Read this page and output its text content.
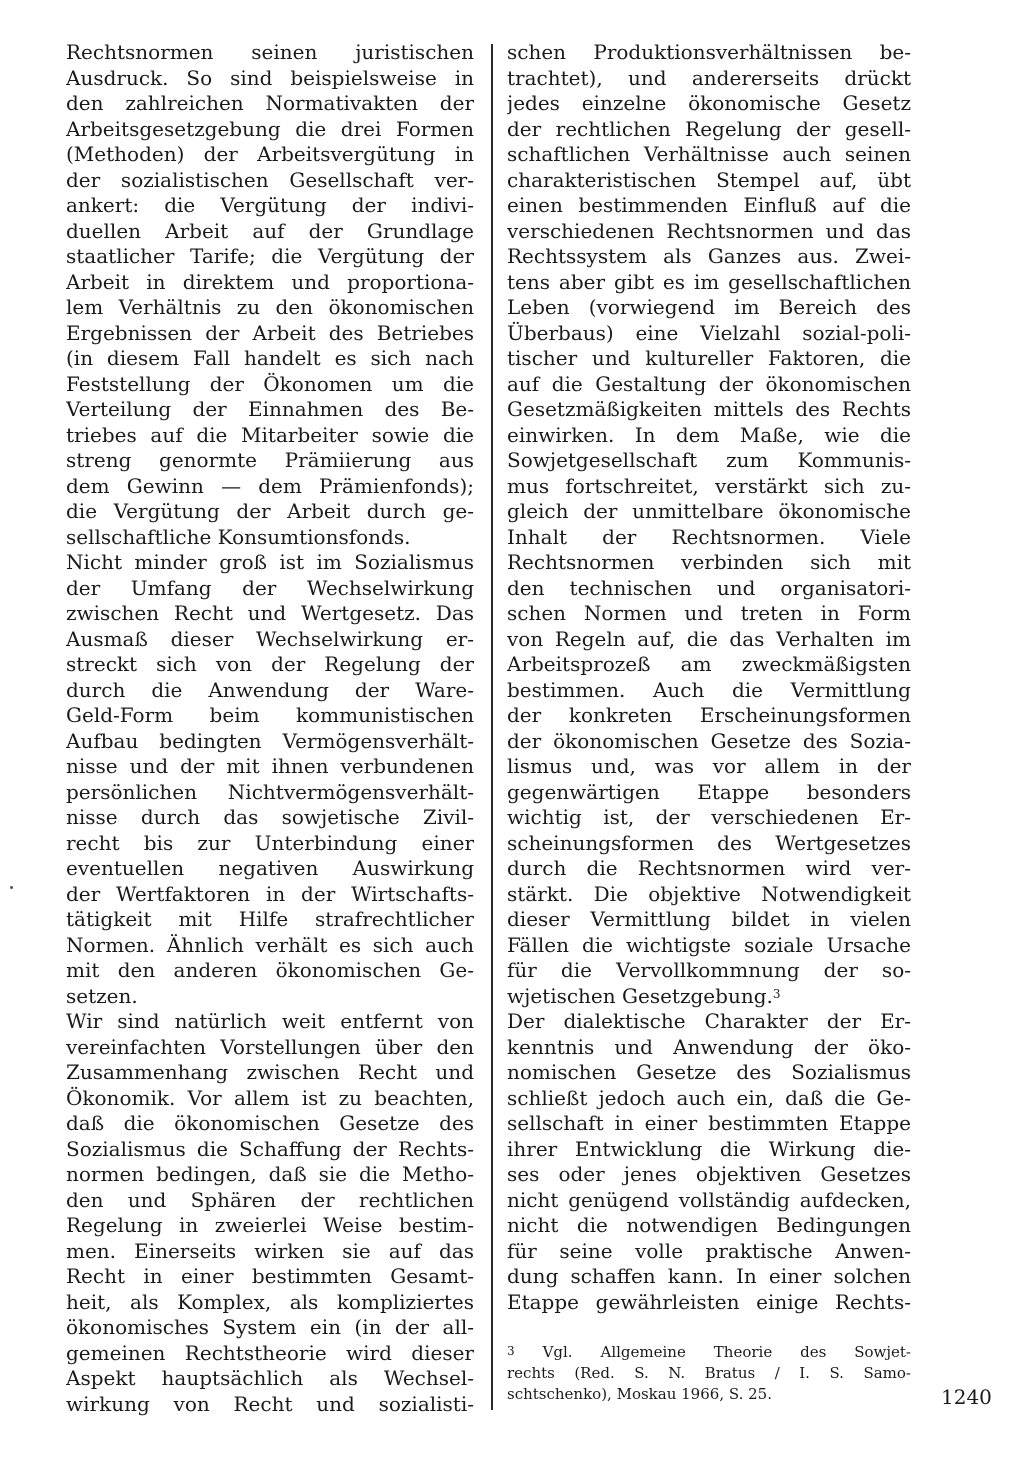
Rechtsnormen seinen juristischen
Ausdruck. So sind beispielsweise in
den zahlreichen Normativakten der
Arbeitsgesetzgebung die drei Formen
(Methoden) der Arbeitsvergütung in
der sozialistischen Gesellschaft ver-
ankert: die Vergütung der indivi-
duellen Arbeit auf der Grundlage
staatlicher Tarife; die Vergütung der
Arbeit in direktem und proportiona-
lem Verhältnis zu den ökonomischen
Ergebnissen der Arbeit des Betriebes
(in diesem Fall handelt es sich nach
Feststellung der Ökonomen um die
Verteilung der Einnahmen des Be-
triebes auf die Mitarbeiter sowie die
streng genormte Prämiierung aus
dem Gewinn — dem Prämienfonds);
die Vergütung der Arbeit durch ge-
sellschaftliche Konsumtionsfonds.
Nicht minder groß ist im Sozialismus
der Umfang der Wechselwirkung
zwischen Recht und Wertgesetz. Das
Ausmaß dieser Wechselwirkung er-
streckt sich von der Regelung der
durch die Anwendung der Ware-
Geld-Form beim kommunistischen
Aufbau bedingten Vermögensverhält-
nisse und der mit ihnen verbundenen
persönlichen Nichtvermögensverhält-
nisse durch das sowjetische Zivil-
recht bis zur Unterbindung einer
eventuellen negativen Auswirkung
der Wertfaktoren in der Wirtschafts-
tätigkeit mit Hilfe strafrechtlicher
Normen. Ähnlich verhält es sich auch
mit den anderen ökonomischen Ge-
setzen.
Wir sind natürlich weit entfernt von
vereinfachten Vorstellungen über den
Zusammenhang zwischen Recht und
Ökonomik. Vor allem ist zu beachten,
daß die ökonomischen Gesetze des
Sozialismus die Schaffung der Rechts-
normen bedingen, daß sie die Metho-
den und Sphären der rechtlichen
Regelung in zweierlei Weise bestim-
men. Einerseits wirken sie auf das
Recht in einer bestimmten Gesamt-
heit, als Komplex, als kompliziertes
ökonomisches System ein (in der all-
gemeinen Rechtstheorie wird dieser
Aspekt hauptsächlich als Wechsel-
wirkung von Recht und sozialisti-
schen Produktionsverhältnissen be-
trachtet), und andererseits drückt
jedes einzelne ökonomische Gesetz
der rechtlichen Regelung der gesell-
schaftlichen Verhältnisse auch seinen
charakteristischen Stempel auf, übt
einen bestimmenden Einfluß auf die
verschiedenen Rechtsnormen und das
Rechtssystem als Ganzes aus. Zwei-
tens aber gibt es im gesellschaftlichen
Leben (vorwiegend im Bereich des
Überbaus) eine Vielzahl sozial-poli-
tischer und kultureller Faktoren, die
auf die Gestaltung der ökonomischen
Gesetzmäßigkeiten mittels des Rechts
einwirken. In dem Maße, wie die
Sowjetgesellschaft zum Kommunis-
mus fortschreitet, verstärkt sich zu-
gleich der unmittelbare ökonomische
Inhalt der Rechtsnormen. Viele
Rechtsnormen verbinden sich mit
den technischen und organisatori-
schen Normen und treten in Form
von Regeln auf, die das Verhalten im
Arbeitsprozeß am zweckmäßigsten
bestimmen. Auch die Vermittlung
der konkreten Erscheinungsformen
der ökonomischen Gesetze des Sozia-
lismus und, was vor allem in der
gegenwärtigen Etappe besonders
wichtig ist, der verschiedenen Er-
scheinungsformen des Wertgesetzes
durch die Rechtsnormen wird ver-
stärkt. Die objektive Notwendigkeit
dieser Vermittlung bildet in vielen
Fällen die wichtigste soziale Ursache
für die Vervollkommnung der so-
wjetischen Gesetzgebung.$^3$
Der dialektische Charakter der Er-
kenntnis und Anwendung der öko-
nomischen Gesetze des Sozialismus
schließt jedoch auch ein, daß die Ge-
sellschaft in einer bestimmten Etappe
ihrer Entwicklung die Wirkung die-
ses oder jenes objektiven Gesetzes
nicht genügend vollständig aufdecken,
nicht die notwendigen Bedingungen
für seine volle praktische Anwen-
dung schaffen kann. In einer solchen
Etappe gewährleisten einige Rechts-
$^3$ Vgl. Allgemeine Theorie des Sowjet-
rechts (Red. S. N. Bratus / I. S. Samo-
schtschenko), Moskau 1966, S. 25.	1240
